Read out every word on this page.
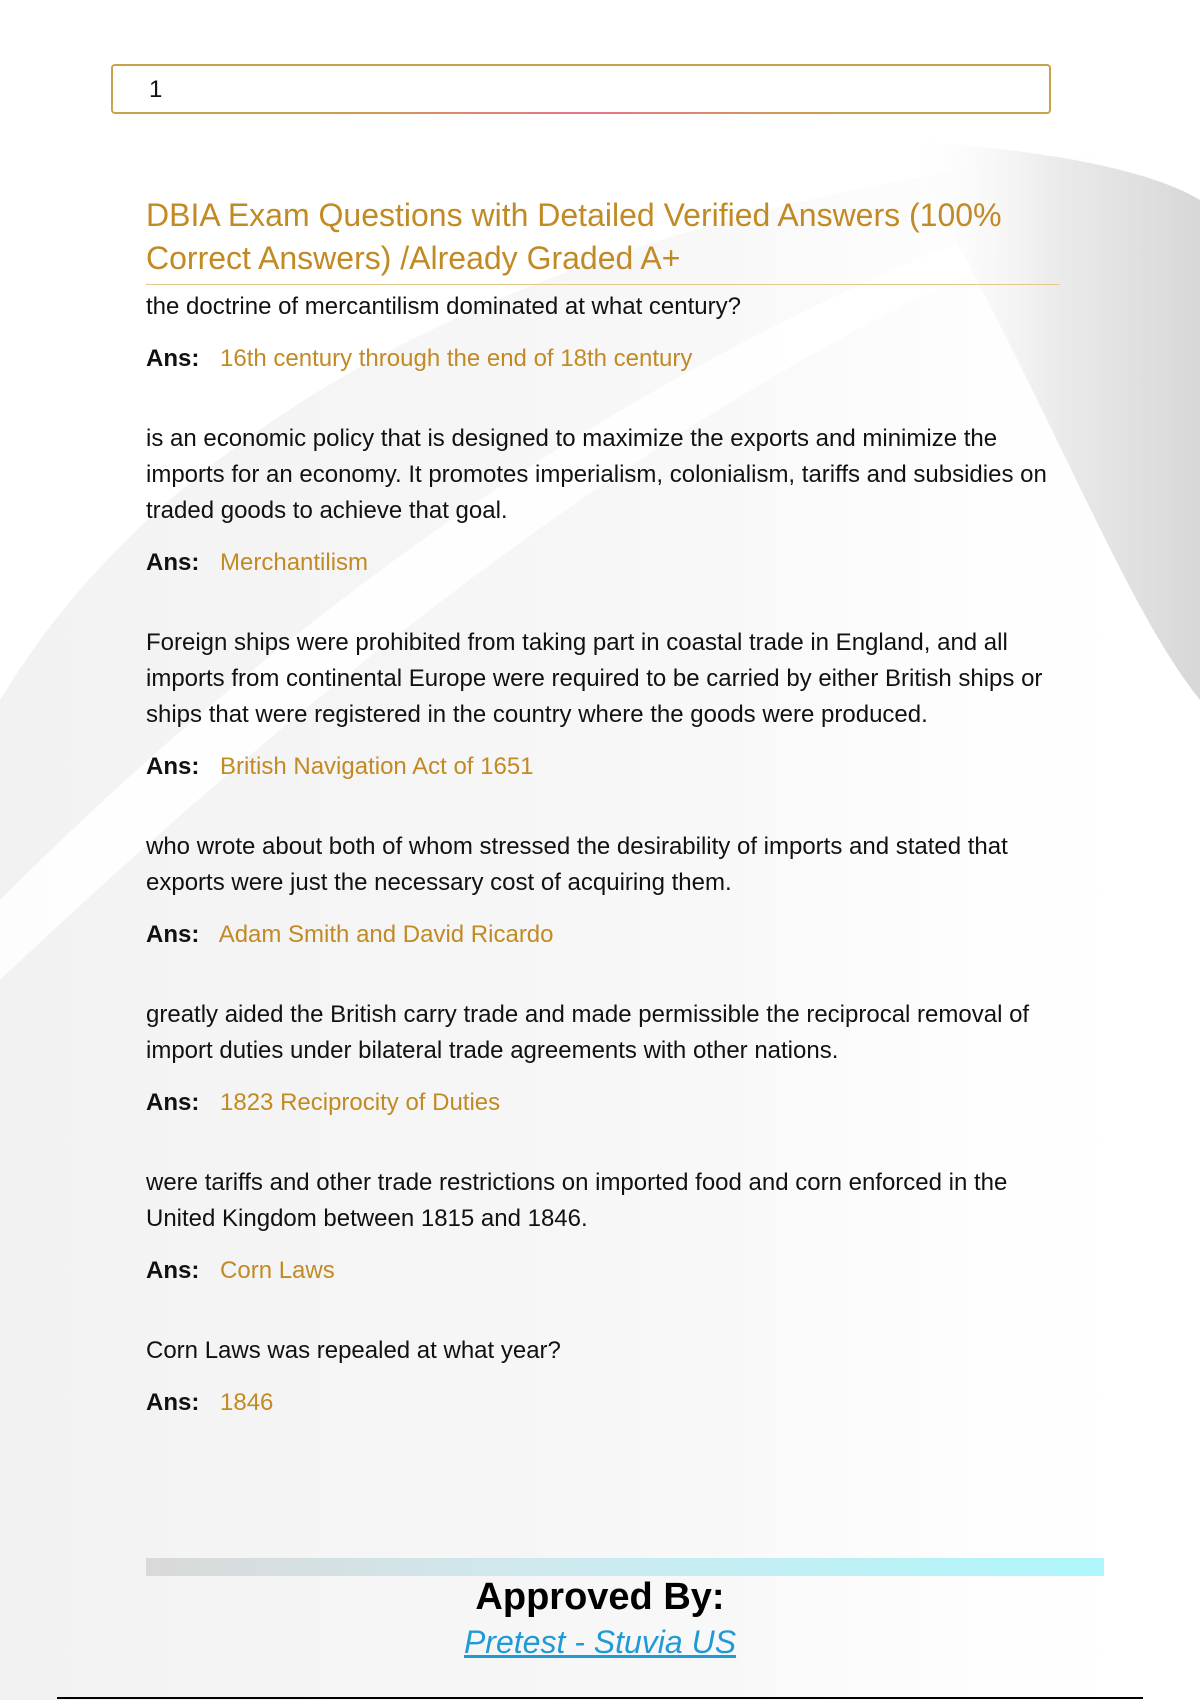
1
DBIA Exam Questions with Detailed Verified Answers (100% Correct Answers) /Already Graded A+

the doctrine of mercantilism dominated at what century?

Ans: 16th century through the end of 18th century

is an economic policy that is designed to maximize the exports and minimize the imports for an economy. It promotes imperialism, colonialism, tariffs and subsidies on traded goods to achieve that goal.

Ans: Merchantilism

Foreign ships were prohibited from taking part in coastal trade in England, and all imports from continental Europe were required to be carried by either British ships or ships that were registered in the country where the goods were produced.

Ans: British Navigation Act of 1651

who wrote about both of whom stressed the desirability of imports and stated that exports were just the necessary cost of acquiring them.

Ans: Adam Smith and David Ricardo

greatly aided the British carry trade and made permissible the reciprocal removal of import duties under bilateral trade agreements with other nations.

Ans: 1823 Reciprocity of Duties

were tariffs and other trade restrictions on imported food and corn enforced in the United Kingdom between 1815 and 1846.

Ans: Corn Laws

Corn Laws was repealed at what year?

Ans: 1846
Approved By:
Pretest - Stuvia US
